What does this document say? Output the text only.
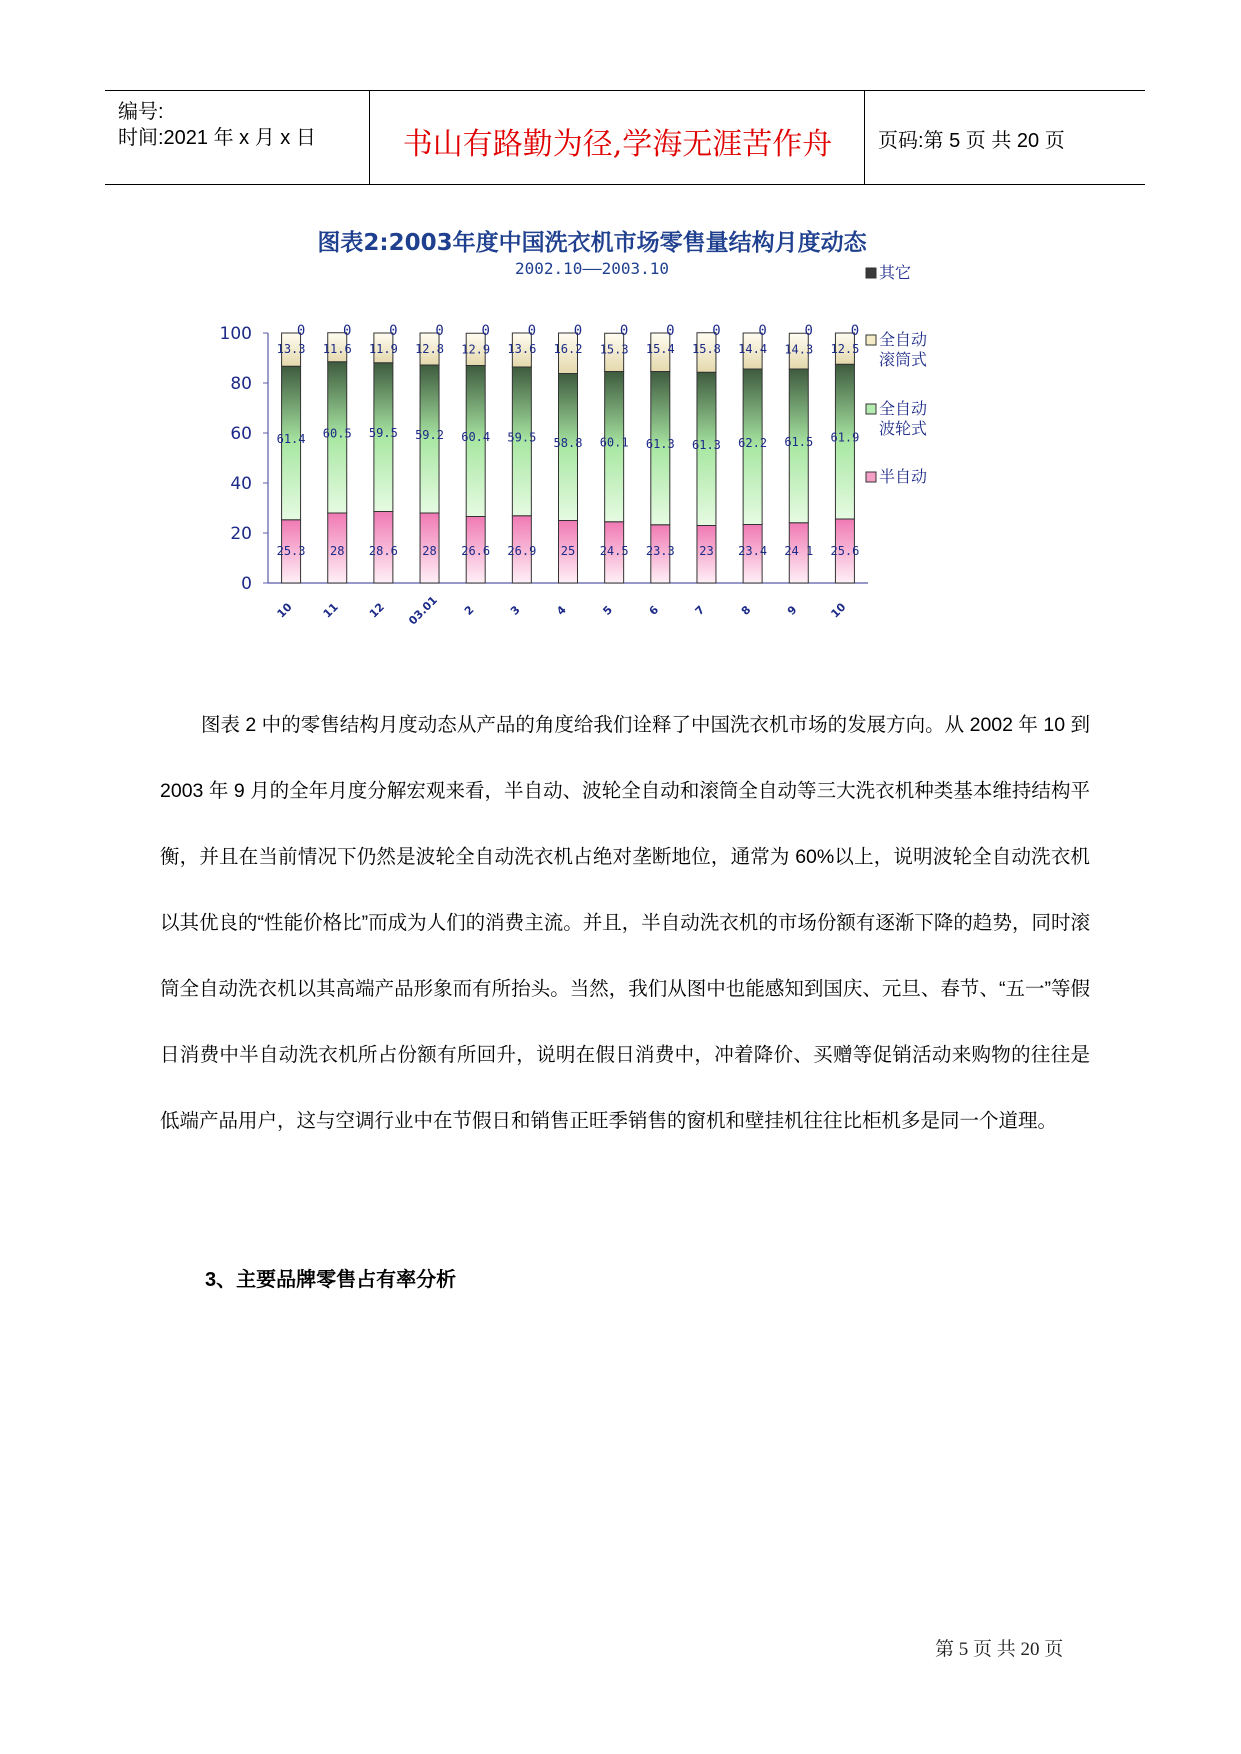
编号:
时间:2021 年 x 月 x 日	书山有路勤为径,学海无涯苦作舟	页码:第 5 页 共 20 页
图表2:2003年度中国洗衣机市场零售量结构月度动态
2002.10——2003.10
0
20
40
60
80
100
25.3
61.4
13.3
0
10
28
60.5
11.6
0
11
28.6
59.5
11.9
0
12
28
59.2
12.8
0
03.01
26.6
60.4
12.9
0
2
26.9
59.5
13.6
0
3
25
58.8
16.2
0
4
24.5
60.1
15.3
0
5
23.3
61.3
15.4
0
6
23
61.3
15.8
0
7
23.4
62.2
14.4
0
8
24 1
61.5
14.3
0
9
25.6
61.9
12.5
0
10
其它
全自动
滚筒式
全自动
波轮式
半自动

图表 2 中的零售结构月度动态从产品的角度给我们诠释了中国洗衣机市场的发展方向。从 2002 年 10 到 2003 年 9 月的全年月度分解宏观来看，半自动、波轮全自动和滚筒全自动等三大洗衣机种类基本维持结构平衡，并且在当前情况下仍然是波轮全自动洗衣机占绝对垄断地位，通常为 60%以上，说明波轮全自动洗衣机以其优良的“性能价格比”而成为人们的消费主流。并且，半自动洗衣机的市场份额有逐渐下降的趋势，同时滚筒全自动洗衣机以其高端产品形象而有所抬头。当然，我们从图中也能感知到国庆、元旦、春节、“五一”等假日消费中半自动洗衣机所占份额有所回升，说明在假日消费中，冲着降价、买赠等促销活动来购物的往往是低端产品用户，这与空调行业中在节假日和销售正旺季销售的窗机和壁挂机往往比柜机多是同一个道理。

3、主要品牌零售占有率分析
第 5 页 共 20 页
